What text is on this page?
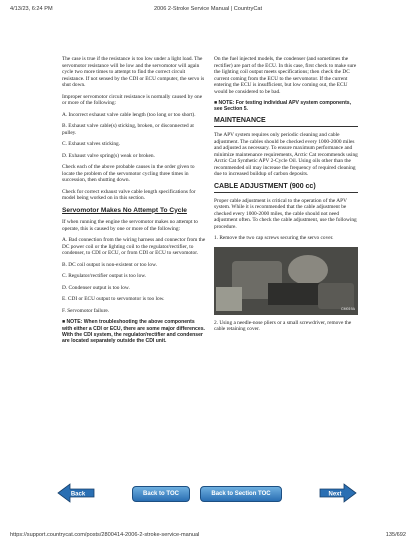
4/13/23, 6:24 PM	2006 2-Stroke Service Manual | CountryCat

The case is true if the resistance is too low under a light load. The servomotor resistance will be low and the servomotor will again cycle two more times to attempt to find the correct circuit resistance. If not sensed by the CDI or ECU computer, the servo is shut down.

Improper servomotor circuit resistance is normally caused by one or more of the following:

A. Incorrect exhaust valve cable length (too long or too short).

B. Exhaust valve cable(s) sticking, broken, or disconnected at pulley.

C. Exhaust valves sticking.

D. Exhaust valve spring(s) weak or broken.

Check each of the above probable causes in the order given to locate the problem of the servomotor cycling three times in succession, then shutting down.

Check for correct exhaust valve cable length specifications for model being worked on in this section.

Servomotor Makes No Attempt To Cycle

If when running the engine the servomotor makes no attempt to operate, this is caused by one or more of the following:

A. Bad connection from the wiring harness and connector from the DC power coil or the lighting coil to the regulator/rectifier, to condenser, to CDI or ECU, or from CDI or ECU to servomotor.

B. DC coil output is non-existent or too low.

C. Regulator/rectifier output is too low.

D. Condenser output is too low.

E. CDI or ECU output to servomotor is too low.

F. Servomotor failure.

■ NOTE: When troubleshooting the above components with either a CDI or ECU, there are some major differences. With the CDI system, the regulator/rectifier and condenser are located separately outside the CDI unit.

On the fuel injected models, the condenser (and sometimes the rectifier) are part of the ECU. In this case, first check to make sure the lighting coil output meets specifications; then check the DC current coming from the ECU to the servomotor. If the current entering the ECU is insufficient, but low coming out, the ECU would be considered to be bad.

■ NOTE: For testing individual APV system components, see Section 5.

MAINTENANCE

The APV system requires only periodic cleaning and cable adjustment. The cables should be checked every 1000-2000 miles and adjusted as necessary. To ensure maximum performance and minimize maintenance requirements, Arctic Cat recommends using Arctic Cat Synthetic APV 2-Cycle Oil. Using oils other than the recommended oil may increase the frequency of required cleaning due to increased buildup of carbon deposits.

CABLE ADJUSTMENT (900 cc)

Proper cable adjustment is critical to the operation of the APV system. While it is recommended that the cable adjustment be checked every 1000-2000 miles, the cable should not need adjustment often. To check the cable adjustment, use the following procedure.

1. Remove the two cap screws securing the servo cover.

CM019A

2. Using a needle-nose pliers or a small screwdriver, remove the cable retaining cover.

Back	Back to TOC	Back to Section TOC	Next
https://support.countrycat.com/posts/2800414-2006-2-stroke-service-manual	135/692
